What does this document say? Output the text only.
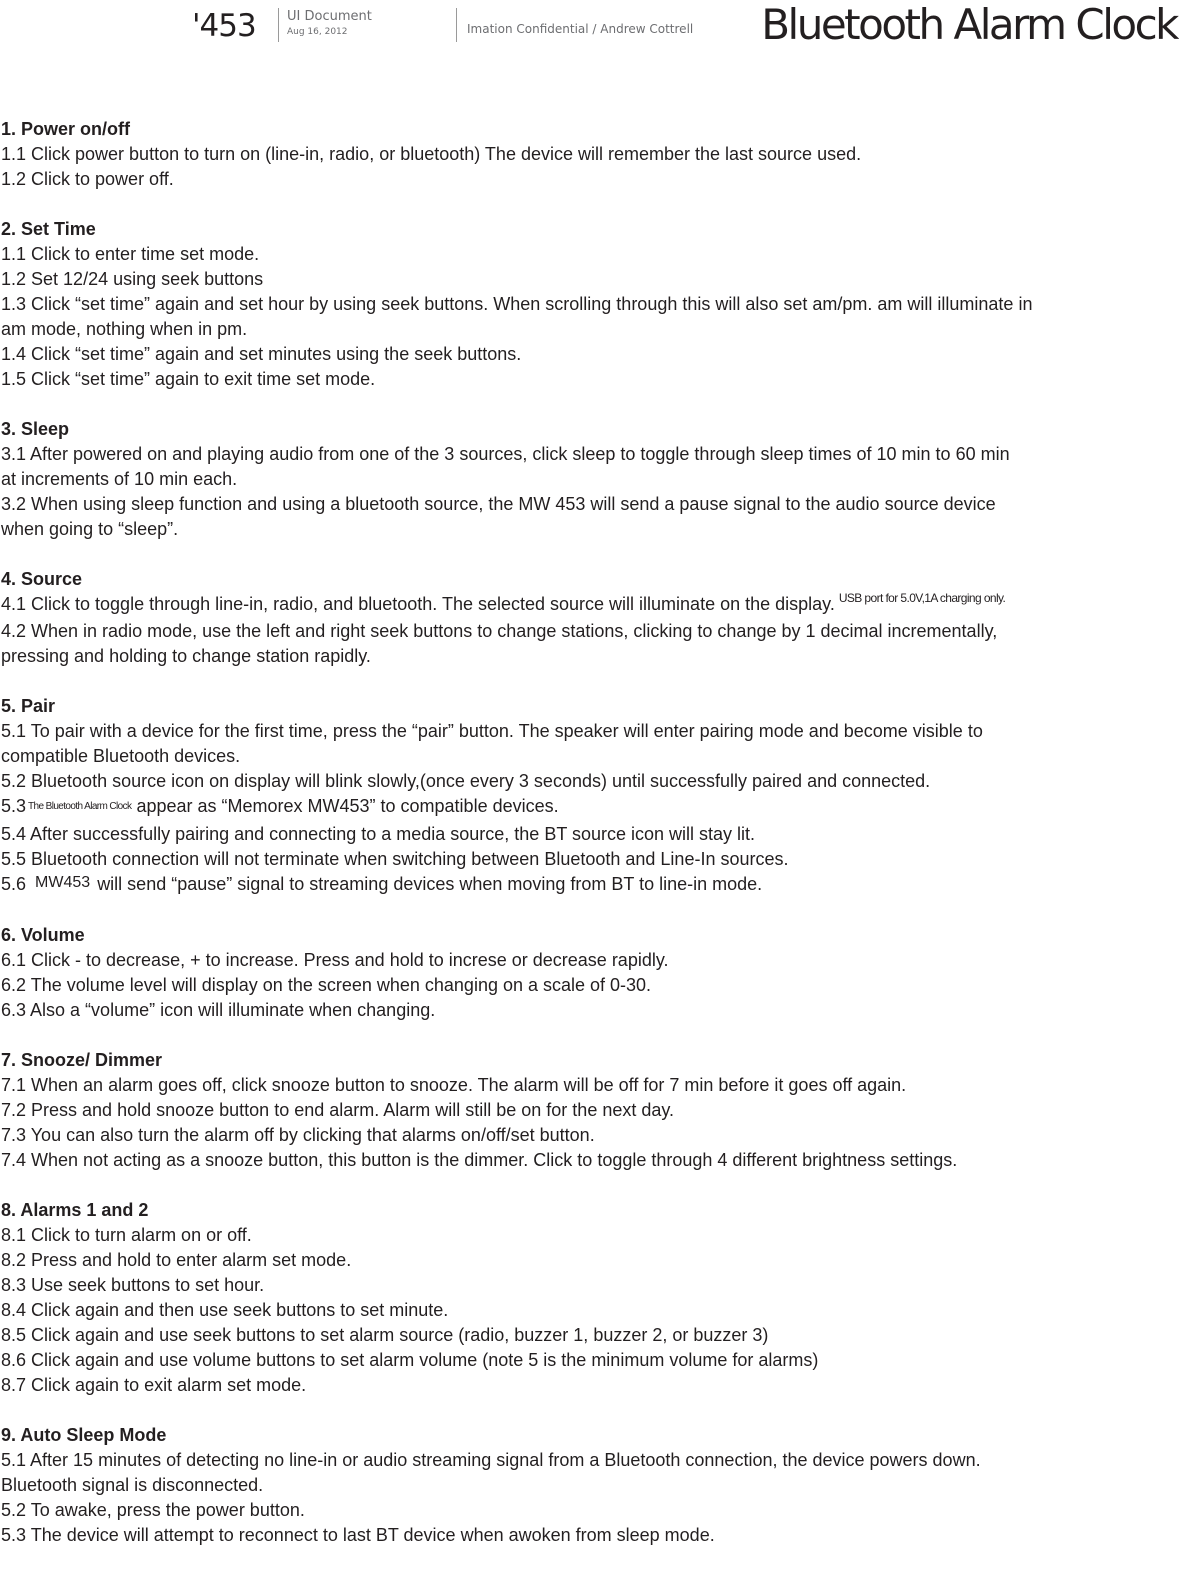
'453 UI Document
Aug 16, 2012	Imation Confidential / Andrew Cottrell Bluetooth Alarm Clock
1. Power on/off
1.1 Click power button to turn on (line-in, radio, or bluetooth) The device will remember the last source used.
1.2 Click to power off.
2. Set Time
1.1 Click to enter time set mode.
1.2 Set 12/24 using seek buttons
1.3 Click “set time” again and set hour by using seek buttons. When scrolling through this will also set am/pm. am will illuminate in
am mode, nothing when in pm.
1.4 Click “set time” again and set minutes using the seek buttons.
1.5 Click “set time” again to exit time set mode.
3. Sleep
3.1 After powered on and playing audio from one of the 3 sources, click sleep to toggle through sleep times of 10 min to 60 min
at increments of 10 min each.
3.2 When using sleep function and using a bluetooth source, the MW 453 will send a pause signal to the audio source device
when going to “sleep”.
4. Source
4.1 Click to toggle through line-in, radio, and bluetooth. The selected source will illuminate on the display. $^{USB port for 5.0V,1A charging only.}$
4.2 When in radio mode, use the left and right seek buttons to change stations, clicking to change by 1 decimal incrementally,
pressing and holding to change station rapidly.
5. Pair
5.1 To pair with a device for the first time, press the “pair” button. The speaker will enter pairing mode and become visible to
compatible Bluetooth devices.
5.2 Bluetooth source icon on display will blink slowly,(once every 3 seconds) until successfully paired and connected.
5.3 The Bluetooth Alarm Clock appear as “Memorex MW453” to compatible devices.
5.4 After successfully pairing and connecting to a media source, the BT source icon will stay lit.
5.5 Bluetooth connection will not terminate when switching between Bluetooth and Line-In sources.
5.6 MW453 will send “pause” signal to streaming devices when moving from BT to line-in mode.
6. Volume
6.1 Click - to decrease, + to increase. Press and hold to increse or decrease rapidly.
6.2 The volume level will display on the screen when changing on a scale of 0-30.
6.3 Also a “volume” icon will illuminate when changing.
7. Snooze/ Dimmer
7.1 When an alarm goes off, click snooze button to snooze. The alarm will be off for 7 min before it goes off again.
7.2 Press and hold snooze button to end alarm. Alarm will still be on for the next day.
7.3 You can also turn the alarm off by clicking that alarms on/off/set button.
7.4 When not acting as a snooze button, this button is the dimmer. Click to toggle through 4 different brightness settings.
8. Alarms 1 and 2
8.1 Click to turn alarm on or off.
8.2 Press and hold to enter alarm set mode.
8.3 Use seek buttons to set hour.
8.4 Click again and then use seek buttons to set minute.
8.5 Click again and use seek buttons to set alarm source (radio, buzzer 1, buzzer 2, or buzzer 3)
8.6 Click again and use volume buttons to set alarm volume (note 5 is the minimum volume for alarms)
8.7 Click again to exit alarm set mode.
9. Auto Sleep Mode
5.1 After 15 minutes of detecting no line-in or audio streaming signal from a Bluetooth connection, the device powers down.
Bluetooth signal is disconnected.
5.2 To awake, press the power button.
5.3 The device will attempt to reconnect to last BT device when awoken from sleep mode.
